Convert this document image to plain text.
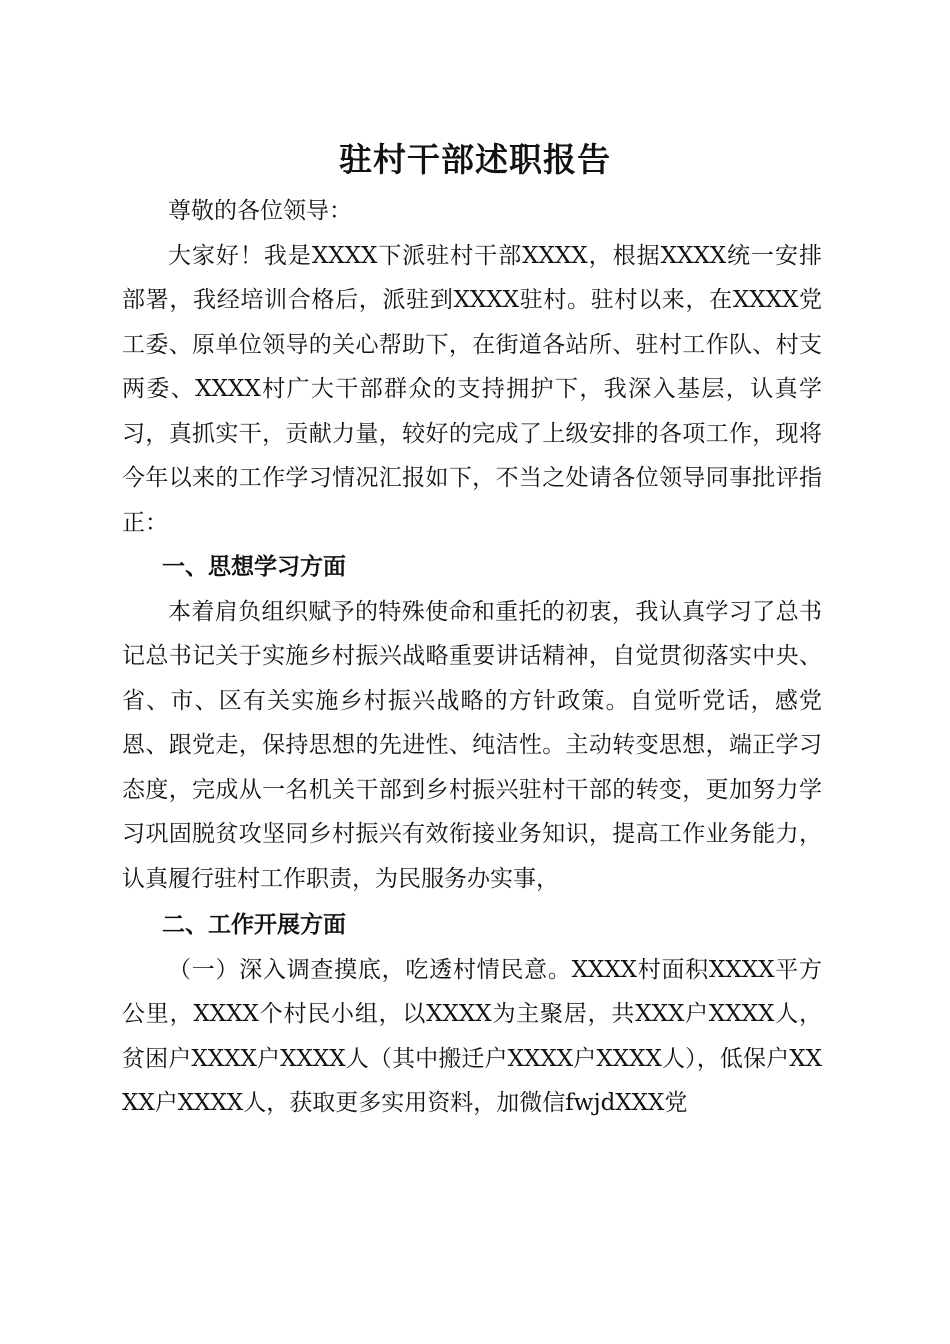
驻村干部述职报告

尊敬的各位领导：

大家好！我是XXXX下派驻村干部XXXX，根据XXXX统一安排部署，我经培训合格后，派驻到XXXX驻村。驻村以来，在XXXX党工委、原单位领导的关心帮助下，在街道各站所、驻村工作队、村支两委、XXXX村广大干部群众的支持拥护下，我深入基层，认真学习，真抓实干，贡献力量，较好的完成了上级安排的各项工作，现将今年以来的工作学习情况汇报如下，不当之处请各位领导同事批评指正：

一、思想学习方面

本着肩负组织赋予的特殊使命和重托的初衷，我认真学习了总书记总书记关于实施乡村振兴战略重要讲话精神，自觉贯彻落实中央、省、市、区有关实施乡村振兴战略的方针政策。自觉听党话，感党恩、跟党走，保持思想的先进性、纯洁性。主动转变思想，端正学习态度，完成从一名机关干部到乡村振兴驻村干部的转变，更加努力学习巩固脱贫攻坚同乡村振兴有效衔接业务知识，提高工作业务能力，认真履行驻村工作职责，为民服务办实事，

二、工作开展方面

（一）深入调查摸底，吃透村情民意。XXXX村面积XXXX平方公里，XXXX个村民小组，以XXXX为主聚居，共XXX户XXXX人，贫困户XXXX户XXXX人（其中搬迁户XXXX户XXXX人），低保户XXXX户XXXX人，获取更多实用资料，加微信fwjdXXX党
